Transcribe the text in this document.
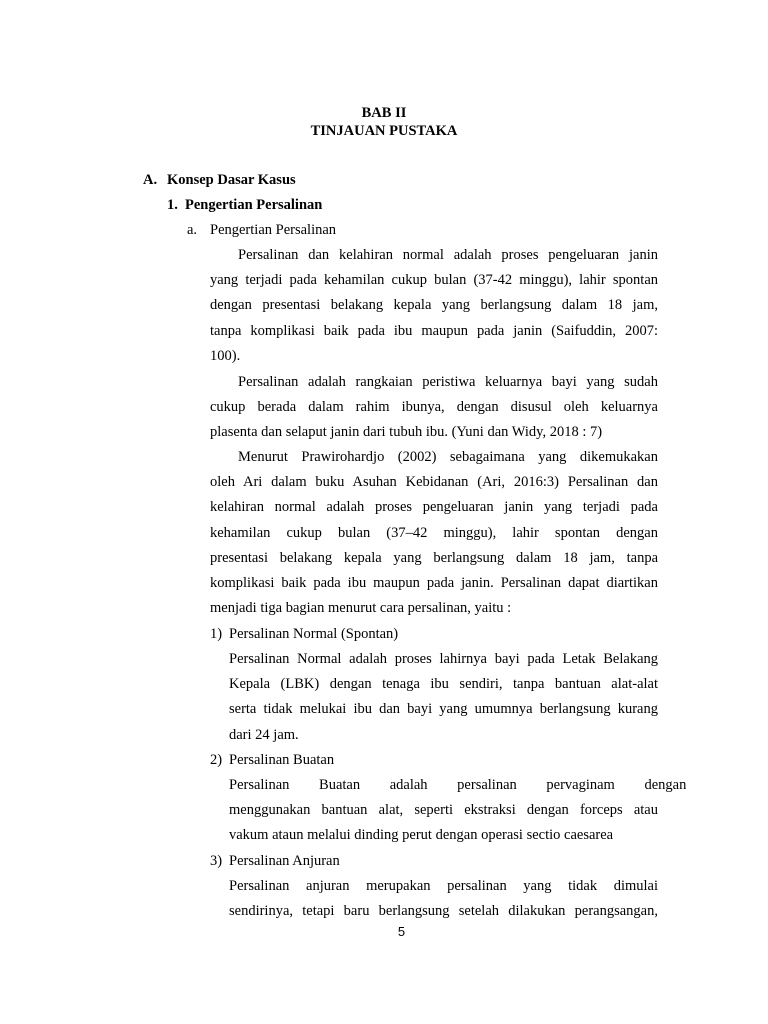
BAB II
TINJAUAN PUSTAKA
A. Konsep Dasar Kasus
1. Pengertian Persalinan
a. Pengertian Persalinan
Persalinan dan kelahiran normal adalah proses pengeluaran janin
yang terjadi pada kehamilan cukup bulan (37-42 minggu), lahir spontan
dengan presentasi belakang kepala yang berlangsung dalam 18 jam,
tanpa komplikasi baik pada ibu maupun pada janin (Saifuddin, 2007:
100).
Persalinan adalah rangkaian peristiwa keluarnya bayi yang sudah
cukup berada dalam rahim ibunya, dengan disusul oleh keluarnya
plasenta dan selaput janin dari tubuh ibu. (Yuni dan Widy, 2018 : 7)
Menurut Prawirohardjo (2002) sebagaimana yang dikemukakan
oleh Ari dalam buku Asuhan Kebidanan (Ari, 2016:3) Persalinan dan
kelahiran normal adalah proses pengeluaran janin yang terjadi pada
kehamilan cukup bulan (37–42 minggu), lahir spontan dengan
presentasi belakang kepala yang berlangsung dalam 18 jam, tanpa
komplikasi baik pada ibu maupun pada janin. Persalinan dapat diartikan
menjadi tiga bagian menurut cara persalinan, yaitu :
1) Persalinan Normal (Spontan)
Persalinan Normal adalah proses lahirnya bayi pada Letak Belakang
Kepala (LBK) dengan tenaga ibu sendiri, tanpa bantuan alat-alat
serta tidak melukai ibu dan bayi yang umumnya berlangsung kurang
dari 24 jam.
2) Persalinan Buatan
Persalinan Buatan adalah persalinan pervaginam dengan
menggunakan bantuan alat, seperti ekstraksi dengan forceps atau
vakum ataun melalui dinding perut dengan operasi sectio caesarea
3) Persalinan Anjuran
Persalinan anjuran merupakan persalinan yang tidak dimulai
sendirinya, tetapi baru berlangsung setelah dilakukan perangsangan,
5
